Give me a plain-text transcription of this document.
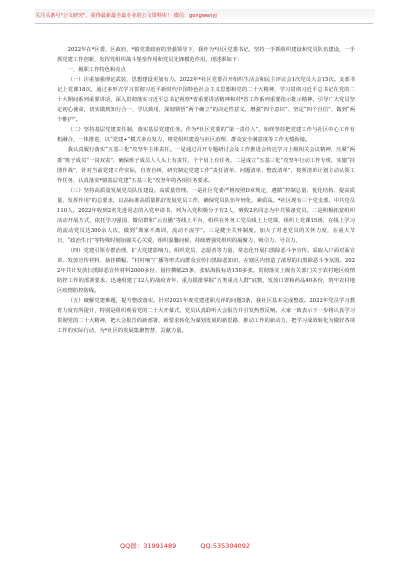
关注头条号"公文研究"，获得最新最全最专业的公文资料库！ 微信：gongwenyj

2022年在*区委、区政府，*镇党委政府的坚强领导下，我作为*社区党委书记，坚持一手抓组织建设和党员队伍建设，一手抓党建工作创新，发挥党组织战斗堡垒作用和党员先锋模范作用。现述职如下：

一、履职工作特色和亮点

（一）注重加强理论武装，思想建设更加有力。2022年*社区党委召开组织生活会和民主评议会1次党员大会15次。支部书记上党课18次，通过多形式学习贯彻习近平新时代中国特色社会主义思想和党的二十大精神，学习贯彻习近平总书记在党的二十大期间系列重要讲话，深入贯彻落实习近平总书记视察*省重要讲话精神和对*省工作系列重要指示批示精神。引导广大党员坚定初心使命，切实做到知行合一、学以致用，深刻领悟“两个确立”的决定性意义，增强“四个意识”、坚定“四个自信”、做到“两个维护”。

（二）坚持基层党建责任制，落实基层党建任务。作为*社区党委的“第一责任人”，始终坚持把党建工作与社区中心工作有机融合，一体推进，以“党建+”模式多点发力，将党组织建设与社区治理、群众安全满意度等工作无缝衔接。

我认真履行落实“五基三化”攻坚年主体责任。一是通过召开专题研讨会及工作推进会传达学习上级相关会议精神，压紧“两委”班子成员“一岗双责”，确保班子成员人人头上有责任，个个肩上有任务。二是成立“五基三化”攻坚年行动工作专班，实施“挂图作战”，针对当前党建工作实际，自查自纠，研究制定党建工作“责任清单、问题清单、整改清单”，按照清单计划主动认领工作任务，认真落实*镇基层党建“五基三化”攻坚年的各项任务要求。

（三）坚持高质量发展党员队伍建设。高质量管理。一是社区党委严格按照D章规定，遵循“控制总量、优化结构、提高质量、发挥作用”的总要求，以高标准高质量抓好发展党员工作，确保党员队伍年轻化、素质高。*社区现有三个党支部，中共党员110人。2022年收到2名先进同志的入党申请书，列为入党积极分子有2人，吸收2名同志为中共预备党员。二是积极拓宽组织活动开展方式，依托学习强国、微信群和“云直播”等线上平台，组织在外务工党员线上上党课，组织上党课15场，在线上学习的流动党员达300余人次，做到“离家不离训，流动不流学”。三是健全关怀制度。加大了对老党员的关怀力度，在重大节日、“政治生日”等特殊时刻加强关心关爱，组织温馨问候，持续增强党组织的凝聚力、吸引力、号召力。

（四）党建引领专群治理，扩大党建影响力。组织党员、志愿者等力量，常态化开展扫黑除恶斗争宣传。采取入户面对面宣讲、发放宣传材料、悬挂横幅、“村村响”广播等形式向群众宣传扫黑除恶知识，在辖区内营造了浓厚的扫黑除恶斗争氛围。2022年共计发放扫黑除恶宣传材料2000多份、悬挂横幅25条、张贴海报标语150多张。贯彻落实上级有关部门关于农村地区疫情防控工作的部署要求，迅速组建了12人的战疫青年、重点摸排掌握“五类重点人群”底数，发放口罩和药品40多份，筑牢农村地区疫情防控防线。

（五）破解党建难题，提升整改落实。针对2021年度党建述职点评的问题3条，我社区基本完成整改。2022年党员学习教育力度有所提升，特别是组织观看党的二十大开幕式，党员认真聆听大会报告并引发热烈反响。大家一致表示下一步将认真学习贯彻党的二十大精神，把大会报告的新部署、新要求转化为谋划发展的新思路、推动工作的新动力，把学习成效转化为做好各项工作的实际行动，为*社区的发展集聚智慧、贡献力量。

QQ群：31991489	QQ:535304092
